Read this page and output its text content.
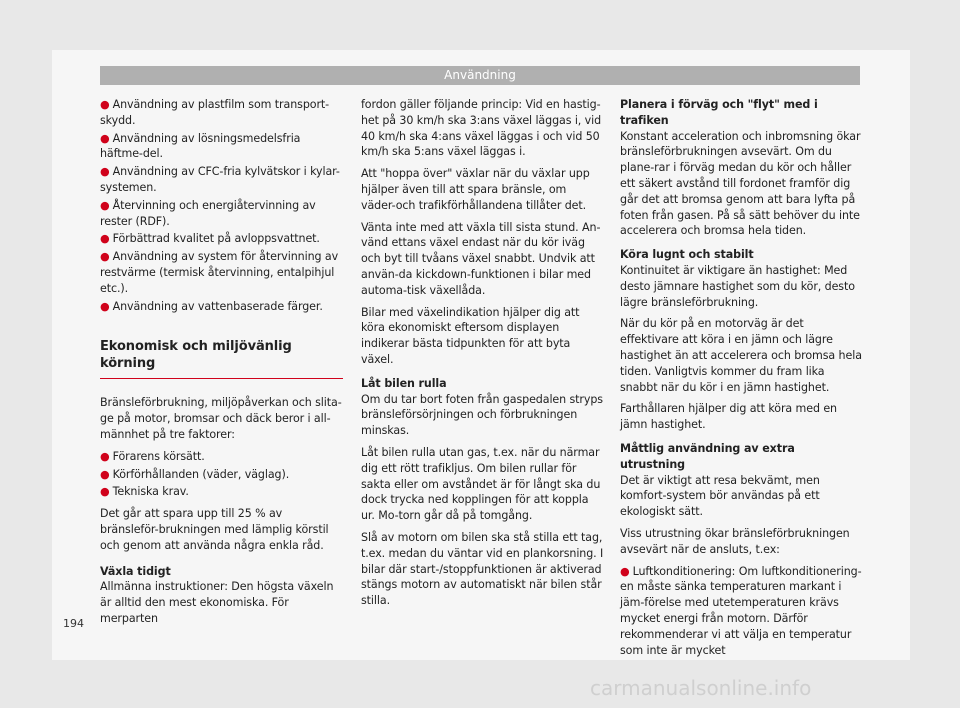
Användning

● Användning av plastfilm som transport-skydd.

● Användning av lösningsmedelsfria häftme-del.

● Användning av CFC-fria kylvätskor i kylar-systemen.

● Återvinning och energiåtervinning av rester (RDF).

● Förbättrad kvalitet på avloppsvattnet.

● Användning av system för återvinning av restvärme (termisk återvinning, entalpihjul etc.).

● Användning av vattenbaserade färger.

Ekonomisk och miljövänlig körning

Bränsleförbrukning, miljöpåverkan och slita-ge på motor, bromsar och däck beror i all-männhet på tre faktorer:

● Förarens körsätt.

● Körförhållanden (väder, väglag).

● Tekniska krav.

Det går att spara upp till 25 % av bränsleför-brukningen med lämplig körstil och genom att använda några enkla råd.

Växla tidigt

Allmänna instruktioner: Den högsta växeln är alltid den mest ekonomiska. För merparten

fordon gäller följande princip: Vid en hastig-het på 30 km/h ska 3:ans växel läggas i, vid 40 km/h ska 4:ans växel läggas i och vid 50 km/h ska 5:ans växel läggas i.

Att "hoppa över" växlar när du växlar upp hjälper även till att spara bränsle, om väder-och trafikförhållandena tillåter det.

Vänta inte med att växla till sista stund. An-vänd ettans växel endast när du kör iväg och byt till tvåans växel snabbt. Undvik att använ-da kickdown-funktionen i bilar med automa-tisk växellåda.

Bilar med växelindikation hjälper dig att köra ekonomiskt eftersom displayen indikerar bästa tidpunkten för att byta växel.

Låt bilen rulla

Om du tar bort foten från gaspedalen stryps bränsleförsörjningen och förbrukningen minskas.

Låt bilen rulla utan gas, t.ex. när du närmar dig ett rött trafikljus. Om bilen rullar för sakta eller om avståndet är för långt ska du dock trycka ned kopplingen för att koppla ur. Mo-torn går då på tomgång.

Slå av motorn om bilen ska stå stilla ett tag, t.ex. medan du väntar vid en plankorsning. I bilar där start-/stoppfunktionen är aktiverad stängs motorn av automatiskt när bilen står stilla.

Planera i förväg och "flyt" med i trafiken

Konstant acceleration och inbromsning ökar bränsleförbrukningen avsevärt. Om du plane-rar i förväg medan du kör och håller ett säkert avstånd till fordonet framför dig går det att bromsa genom att bara lyfta på foten från gasen. På så sätt behöver du inte accelerera och bromsa hela tiden.

Köra lugnt och stabilt

Kontinuitet är viktigare än hastighet: Med desto jämnare hastighet som du kör, desto lägre bränsleförbrukning.

När du kör på en motorväg är det effektivare att köra i en jämn och lägre hastighet än att accelerera och bromsa hela tiden. Vanligtvis kommer du fram lika snabbt när du kör i en jämn hastighet.

Farthållaren hjälper dig att köra med en jämn hastighet.

Måttlig användning av extra utrustning

Det är viktigt att resa bekvämt, men komfort-system bör användas på ett ekologiskt sätt.

Viss utrustning ökar bränsleförbrukningen avsevärt när de ansluts, t.ex:

● Luftkonditionering: Om luftkonditionering-en måste sänka temperaturen markant i jäm-förelse med utetemperaturen krävs mycket energi från motorn. Därför rekommenderar vi att välja en temperatur som inte är mycket

194
carmanualsonline.info
